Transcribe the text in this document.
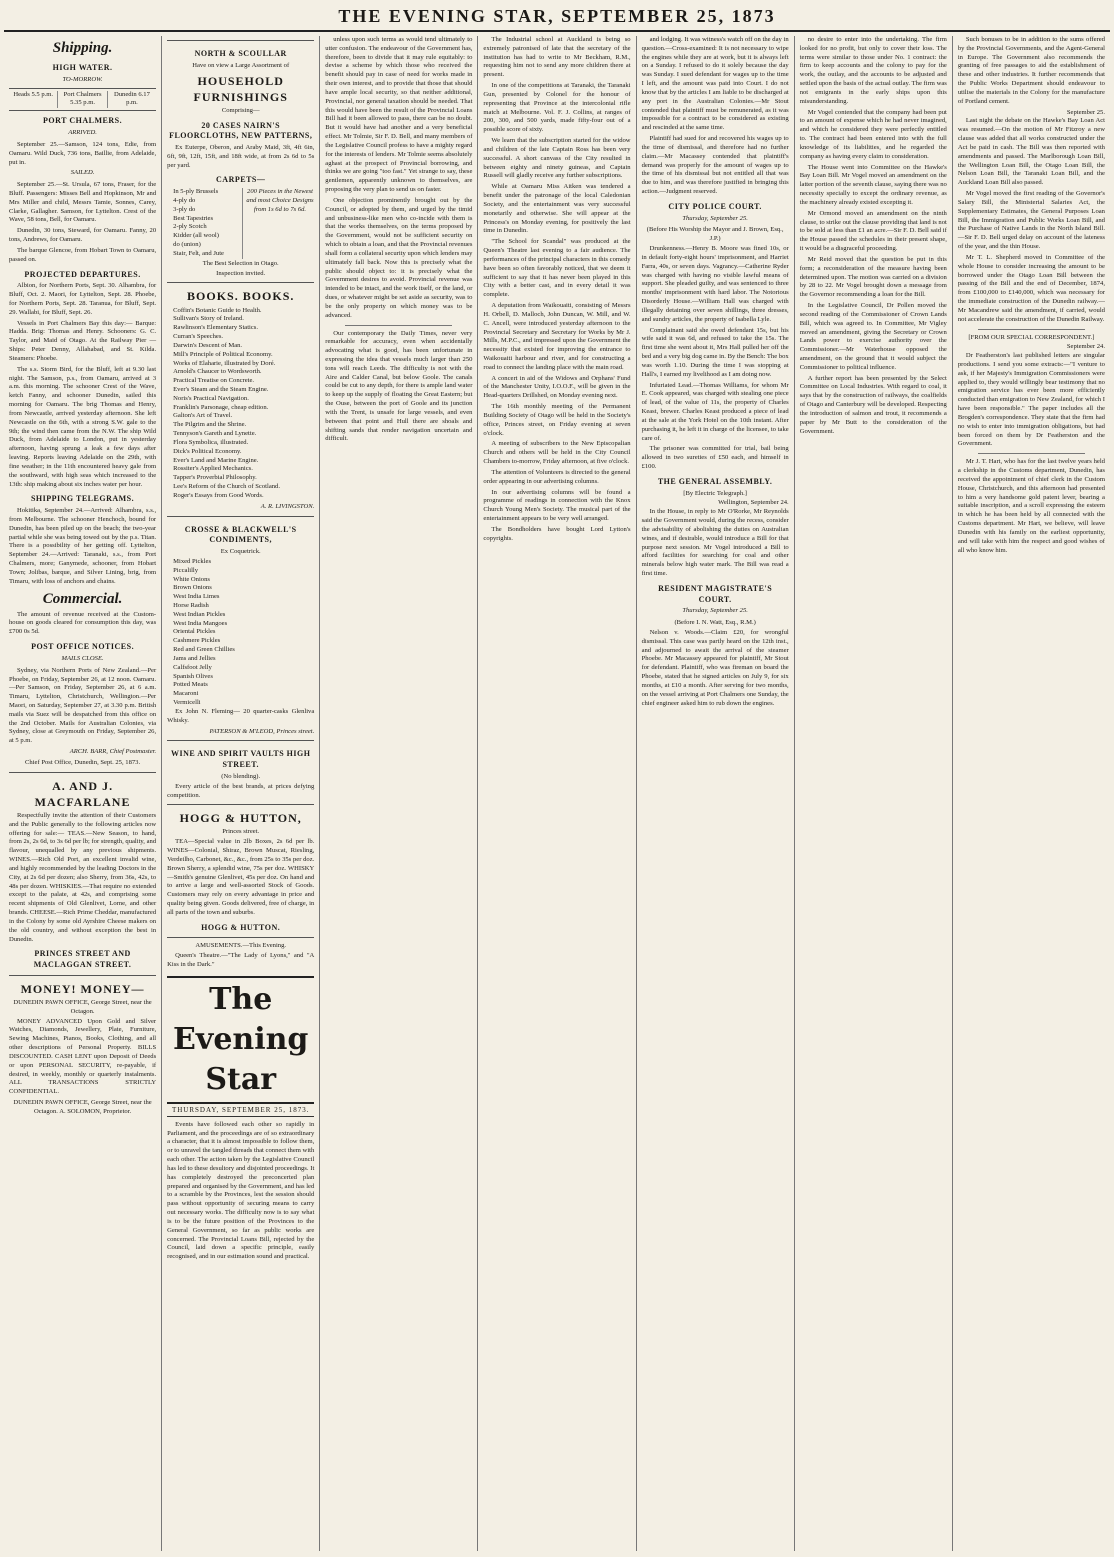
THE EVENING STAR, SEPTEMBER 25, 1873
Shipping.
HIGH WATER.
TO-MORROW.
Heads 5.5 p.m.	Port Chalmers 5.35 p.m.
Dunedin 6.17 p.m.
PORT CHALMERS.
ARRIVED.

September 25.—Samson, 124 tons, Edie, from Oamaru. Wild Duck, 736 tons, Baillie, from Adelaide, put in.

SAILED.

September 25.—St. Ursula, 67 tons, Fraser, for the Bluff. Passengers: Misses Bell and Hopkinson, Mr and Mrs Miller and child, Messrs Tamie, Sonnes, Carey, Clarke, Gallagher. Samson, for Lyttelton. Crest of the Wave, 58 tons, Bell, for Oamaru.

Dunedin, 30 tons, Steward, for Oamaru. Fanny, 20 tons, Andrews, for Oamaru.

The barque Glencoe, from Hobart Town to Oamaru, passed on.

PROJECTED DEPARTURES.

Albion, for Northern Ports, Sept. 30. Alhambra, for Bluff, Oct. 2. Maori, for Lyttelton, Sept. 28. Phoebe, for Northern Ports, Sept. 28. Taranua, for Bluff, Sept. 29. Wallabi, for Bluff, Sept. 26.

Vessels in Port Chalmers Bay this day:— Barque: Hadda. Brig: Thomas and Henry. Schooners: G. C. Taylor, and Maid of Otago. At the Railway Pier — Ships: Peter Denny, Allahabad, and St. Kilda. Steamers: Phoebe.

The s.s. Storm Bird, for the Bluff, left at 9.30 last night. The Samson, p.s., from Oamaru, arrived at 3 a.m. this morning. The schooner Crest of the Wave, ketch Fanny, and schooner Dunedin, sailed this morning for Oamaru. The brig Thomas and Henry, from Newcastle, arrived yesterday afternoon. She left Newcastle on the 6th, with a strong S.W. gale to the 9th; the wind then came from the N.W. The ship Wild Duck, from Adelaide to London, put in yesterday afternoon, having sprung a leak a few days after leaving. Reports leaving Adelaide on the 29th, with fine weather; in the 11th encountered heavy gale from the southward, with high seas which increased to the 13th: ship making about six inches water per hour.

SHIPPING TELEGRAMS.

Hokitika, September 24.—Arrived: Alhambra, s.s., from Melbourne. The schooner Henchoch, bound for Dunedin, has been piled up on the beach; the two-year partial while she was being towed out by the p.s. Titan. There is a possibility of her getting off. Lyttelton, September 24.—Arrived: Taranaki, s.s., from Port Chalmers, more; Ganymede, schooner, from Hobart Town; Jolibas, barque, and Silver Lining, brig, from Timaru, with loss of anchors and chains.

Commercial.

The amount of revenue received at the Custom-house on goods cleared for consumption this day, was £700 0s 5d.

POST OFFICE NOTICES.
MAILS CLOSE.

Sydney, via Northern Ports of New Zealand.—Per Phoebe, on Friday, September 26, at 12 noon. Oamaru.—Per Samson, on Friday, September 26, at 6 a.m. Timaru, Lyttelton, Christchurch, Wellington.—Per Maori, on Saturday, September 27, at 3.30 p.m. British mails via Suez will be despatched from this office on the 2nd October. Mails for Australian Colonies, via Sydney, close at Greymouth on Friday, September 26, at 5 p.m.

ARCH. BARR, Chief Postmaster.
Chief Post Office, Dunedin, Sept. 25, 1873.
A. AND J. MACFARLANE

Respectfully invite the attention of their Customers and the Public generally to the following articles now offering for sale:— TEAS.—New Season, to hand, from 2s, 2s 6d, to 3s 6d per lb; for strength, quality, and flavour, unequalled by any previous shipments. WINES.—Rich Old Port, an excellent invalid wine, and highly recommended by the leading Doctors in the City, at 2s 6d per dozen; also Sherry, from 36s, 42s, to 48s per dozen. WHISKIES.—That require no extended except to the palate, at 42s, and comprising some recent shipments of Old Glenlivet, Lorne, and other brands. CHEESE.—Rich Prime Cheddar, manufactured in the Colony by some old Ayrshire Cheese makers on the old country, and without exception the best in Dunedin.

PRINCES STREET AND MACLAGGAN STREET.
MONEY! MONEY—
DUNEDIN PAWN OFFICE, George Street, near the Octagon.

MONEY ADVANCED Upon Gold and Silver Watches, Diamonds, Jewellery, Plate, Furniture, Sewing Machines, Pianos, Books, Clothing, and all other descriptions of Personal Property. BILLS DISCOUNTED. CASH LENT upon Deposit of Deeds or upon PERSONAL SECURITY, re-payable, if desired, in weekly, monthly or quarterly instalments. ALL TRANSACTIONS STRICTLY CONFIDENTIAL.

DUNEDIN PAWN OFFICE, George Street, near the Octagon. A. SOLOMON, Proprietor.
NORTH & SCOULLAR
Have on view a Large Assortment of
HOUSEHOLD FURNISHINGS
Comprising—
20 CASES NAIRN'S FLOORCLOTHS, NEW PATTERNS,

Ex Euterpe, Oberon, and Araby Maid, 3ft, 4ft 6in, 6ft, 9ft, 12ft, 15ft, and 18ft wide, at from 2s 6d to 5s per yard.

CARPETS—
In 5-ply Brussels
4-ply do
3-ply do
Best Tapestries
2-ply Scotch
Kidder (all wool)
do (union)
Stair, Felt, and Jute
200 Pieces in the Newest and most Choice Designs from 1s 6d to 7s 6d.
The Best Selection in Otago.
Inspection invited.
BOOKS. BOOKS.
Coffin's Botanic Guide to Health.
Sullivan's Story of Ireland.
Rawlinson's Elementary Statics.
Curran's Speeches.
Darwin's Descent of Man.
Mill's Principle of Political Economy.
Works of Elaharie, illustrated by Doré.
Arnold's Chaucer to Wordsworth.
Practical Treatise on Concrete.
Ever's Steam and the Steam Engine.
Noris's Practical Navigation.
Franklin's Parsonage, cheap edition.
Galton's Art of Travel.
The Pilgrim and the Shrine.
Tennyson's Gareth and Lynette.
Flora Symbolica, illustrated.
Dick's Political Economy.
Ever's Land and Marine Engine.
Rossiter's Applied Mechanics.
Tapper's Proverbial Philosophy.
Lee's Reform of the Church of Scotland.
Roger's Essays from Good Words.
A. R. LIVINGSTON.
CROSSE & BLACKWELL'S CONDIMENTS,
Ex Coquetrick.
Mixed Pickles
Piccalilly
White Onions
Brown Onions
West India Limes
Horse Radish
West Indian Pickles
West India Mangoes
Oriental Pickles
Cashmere Pickles
Red and Green Chillies
Jams and Jellies
Calfsfoot Jelly
Spanish Olives
Potted Meats
Macaroni
Vermicelli

Ex John N. Fleming— 20 quarter-casks Glenliva Whisky.

PATERSON & M'LEOD, Princes street.
WINE AND SPIRIT VAULTS HIGH STREET.
(No blending).

Every article of the best brands, at prices defying competition.

HOGG & HUTTON,
Princes street.

TEA—Special value in 2lb Boxes, 2s 6d per lb. WINES—Colonial, Shiraz, Brown Muscat, Riesling, Verdeilho, Carbonet, &c., &c., from 25s to 35s per doz. Brown Sherry, a splendid wine, 75s per doz. WHISKY—Smith's genuine Glenlivet, 45s per doz. On hand and to arrive a large and well-assorted Stock of Goods. Customers may rely on every advantage in price and quality being given. Goods delivered, free of charge, in all parts of the town and suburbs.

HOGG & HUTTON.
AMUSEMENTS.—This Evening.

Queen's Theatre.—"The Lady of Lyons," and "A Kiss in the Dark."

The Evening Star
THURSDAY, SEPTEMBER 25, 1873.

Events have followed each other so rapidly in Parliament, and the proceedings are of so extraordinary a character, that it is almost impossible to follow them, or to unravel the tangled threads that connect them with each other. The action taken by the Legislative Council has led to these desultory and disjointed proceedings. It has completely destroyed the preconcerted plan prepared and organised by the Government, and has led to a scramble by the Provinces, lest the session should pass without opportunity of securing means to carry out necessary works. The difficulty now is to say what is to be the future position of the Provinces to the General Government, so far as public works are concerned. The Provincial Loans Bill, rejected by the Council, laid down a specific principle, easily recognised, and in our estimation sound and practical.

unless upon such terms as would tend ultimately to utter confusion. The endeavour of the Government has, therefore, been to divide that it may rule equitably: to devise a scheme by which those who received the benefit should pay in case of need for works made in their own interest, and to provide that those that should have ample local security, so that neither additional, Provincial, nor general taxation should be needed. That this would have been the result of the Provincial Loans Bill had it been allowed to pass, there can be no doubt. But it would have had another and a very beneficial effect. Mr Tolmie, Sir F. D. Bell, and many members of the Legislative Council profess to have a mighty regard for the interests of lenders. Mr Tolmie seems absolutely aghast at the prospect of Provincial borrowing, and thinks we are going "too fast." Yet strange to say, these gentlemen, apparently unknown to themselves, are proposing the very plan to send us on faster.

One objection prominently brought out by the Council, or adopted by them, and urged by the timid and unbusiness-like men who co-incide with them is that the works themselves, on the terms proposed by the Government, would not be sufficient security on which to obtain a loan, and that the Provincial revenues shall form a collateral security upon which lenders may ultimately fall back. Now this is precisely what the public should object to: it is precisely what the Government desires to avoid. Provincial revenue was intended to be intact, and the work itself, or the land, or dues, or whatever might be set aside as security, was to be the only property on which money was to be advanced.

Our contemporary the Daily Times, never very remarkable for accuracy, even when accidentally advocating what is good, has been unfortunate in expressing the idea that vessels much larger than 250 tons will reach Leeds. The difficulty is not with the Aire and Calder Canal, but below Goole. The canals could be cut to any depth, for there is ample land water to keep up the supply of floating the Great Eastern; but the Ouse, between the port of Goole and its junction with the Trent, is unsafe for large vessels, and even between that point and Hull there are shoals and shifting sands that render navigation uncertain and difficult.

The Industrial school at Auckland is being so extremely patronised of late that the secretary of the institution has had to write to Mr Beckham, R.M., requesting him not to send any more children there at present.

In one of the competitions at Taranaki, the Taranaki Gun, presented by Colonel for the honour of representing that Province at the intercolonial rifle match at Melbourne. Vol. F. J. Collins, at ranges of 200, 300, and 500 yards, made fifty-four out of a possible score of sixty.

We learn that the subscription started for the widow and children of the late Captain Ross has been very successful. A short canvass of the City resulted in between eighty and ninety guineas, and Captain Russell will gladly receive any further subscriptions.

While at Oamaru Miss Aitken was tendered a benefit under the patronage of the local Caledonian Society, and the entertainment was very successful monetarily and otherwise. She will appear at the Princess's on Monday evening, for positively the last time in Dunedin.

"The School for Scandal" was produced at the Queen's Theatre last evening to a fair audience. The performances of the principal characters in this comedy have been so often favorably noticed, that we deem it sufficient to say that it has never been played in this City with a better cast, and in every detail it was complete.

A deputation from Waikouaiti, consisting of Messrs H. Orbell, D. Malloch, John Duncan, W. Mill, and W. C. Ancell, were introduced yesterday afternoon to the Provincial Secretary and Secretary for Works by Mr J. Mills, M.P.C., and impressed upon the Government the necessity that existed for improving the entrance to Waikouaiti harbour and river, and for constructing a road to connect the landing place with the main road.

A concert in aid of the Widows and Orphans' Fund of the Manchester Unity, I.O.O.F., will be given in the Head-quarters Drillshed, on Monday evening next.

The 16th monthly meeting of the Permanent Building Society of Otago will be held in the Society's office, Princes street, on Friday evening at seven o'clock.

A meeting of subscribers to the New Episcopalian Church and others will be held in the City Council Chambers to-morrow, Friday afternoon, at five o'clock.

The attention of Volunteers is directed to the general order appearing in our advertising columns.

In our advertising columns will be found a programme of readings in connection with the Knox Church Young Men's Society. The musical part of the entertainment appears to be very well arranged.

The Bondholders have bought Lord Lytton's copyrights.

and lodging. It was witness's watch off on the day in question.—Cross-examined: It is not necessary to wipe the engines while they are at work, but it is always left on a Sunday. I refused to do it solely because the day was Sunday. I sued defendant for wages up to the time I left, and the amount was paid into Court. I do not know that by the articles I am liable to be discharged at any port in the Australian Colonies.—Mr Stout contended that plaintiff must be remunerated, as it was impossible for a contract to be considered as existing and rescinded at the same time.

Plaintiff had sued for and recovered his wages up to the time of dismissal, and therefore had no further claim.—Mr Macassey contended that plaintiff's demand was properly for the amount of wages up to the time of his dismissal but not entitled all that was due to him, and was therefore justified in bringing this action.—Judgment reserved.

CITY POLICE COURT.
Thursday, September 25.
(Before His Worship the Mayor and J. Brown, Esq., J.P.)

Drunkenness.—Henry B. Moore was fined 10s, or in default forty-eight hours' imprisonment, and Harriet Farra, 40s, or seven days. Vagrancy.—Catherine Ryder was charged with having no visible lawful means of support. She pleaded guilty, and was sentenced to three months' imprisonment with hard labor. The Notorious Disorderly House.—William Hall was charged with illegally detaining over seven shillings, three dresses, and sundry articles, the property of Isabella Lyle.

Complainant said she owed defendant 15s, but his wife said it was 6d, and refused to take the 15s. The first time she went about it, Mrs Hall pulled her off the bed and a very big dog came in. By the Bench: The box was worth 1.10. During the time I was stopping at Hall's, I earned my livelihood as I am doing now.

Infuriated Lead.—Thomas Williams, for whom Mr E. Cook appeared, was charged with stealing one piece of lead, of the value of 11s, the property of Charles Keast, brewer. Charles Keast produced a piece of lead at the sale at the York Hotel on the 10th instant. After purchasing it, he left it in charge of the licensee, to take care of.

The prisoner was committed for trial, bail being allowed in two sureties of £50 each, and himself in £100.

THE GENERAL ASSEMBLY.
[By Electric Telegraph.]
Wellington, September 24.

In the House, in reply to Mr O'Rorke, Mr Reynolds said the Government would, during the recess, consider the advisability of abolishing the duties on Australian wines, and if desirable, would introduce a Bill for that purpose next session. Mr Vogel introduced a Bill to afford facilities for searching for coal and other minerals below high water mark. The Bill was read a first time.

RESIDENT MAGISTRATE'S COURT.
Thursday, September 25.
(Before I. N. Watt, Esq., R.M.)

Nelson v. Woods.—Claim £20, for wrongful dismissal. This case was partly heard on the 12th inst., and adjourned to await the arrival of the steamer Phoebe. Mr Macassey appeared for plaintiff, Mr Stout for defendant. Plaintiff, who was fireman on board the Phoebe, stated that he signed articles on July 9, for six months, at £10 a month. After serving for two months, on the vessel arriving at Port Chalmers one Sunday, the chief engineer asked him to rub down the engines.

no desire to enter into the undertaking. The firm looked for no profit, but only to cover their loss. The terms were similar to those under No. 1 contract: the firm to keep accounts and the colony to pay for the work, the outlay, and the accounts to be adjusted and settled upon the basis of the actual outlay. The firm was not emigrants in the early ships upon this misunderstanding.

Mr Vogel contended that the company had been put to an amount of expense which he had never imagined, and which he considered they were perfectly entitled to. The contract had been entered into with the full knowledge of its liabilities, and he regarded the company as having every claim to consideration.

The House went into Committee on the Hawke's Bay Loan Bill. Mr Vogel moved an amendment on the latter portion of the seventh clause, saying there was no necessity specially to except the ordinary revenue, as the machinery already existed excepting it.

Mr Ormond moved an amendment on the ninth clause, to strike out the clause providing that land is not to be sold at less than £1 an acre.—Sir F. D. Bell said if the House passed the schedules in their present shape, it would be a disgraceful proceeding.

Mr Reid moved that the question be put in this form; a reconsideration of the measure having been determined upon. The motion was carried on a division by 28 to 22. Mr Vogel brought down a message from the Governor recommending a loan for the Bill.

In the Legislative Council, Dr Pollen moved the second reading of the Commissioner of Crown Lands Bill, which was agreed to. In Committee, Mr Vigley moved an amendment, giving the Secretary or Crown Lands power to exercise authority over the Commissioner.—Mr Waterhouse opposed the amendment, on the ground that it would subject the Commissioner to political influence.

A further report has been presented by the Select Committee on Local Industries. With regard to coal, it says that by the construction of railways, the coalfields of Otago and Canterbury will be developed. Respecting the introduction of salmon and trout, it recommends a paper by Mr Butt to the consideration of the Government.

Such bonuses to be in addition to the sums offered by the Provincial Governments, and the Agent-General in Europe. The Government also recommends the granting of free passages to aid the establishment of these and other industries. It further recommends that the Public Works Department should endeavour to utilise the materials in the Colony for the manufacture of Portland cement.

September 25.

Last night the debate on the Hawke's Bay Loan Act was resumed.—On the motion of Mr Fitzroy a new clause was added that all works constructed under the Act be paid in cash. The Bill was then reported with amendments and passed. The Marlborough Loan Bill, the Wellington Loan Bill, the Otago Loan Bill, the Nelson Loan Bill, the Taranaki Loan Bill, and the Auckland Loan Bill also passed.

Mr Vogel moved the first reading of the Governor's Salary Bill, the Ministerial Salaries Act, the Supplementary Estimates, the General Purposes Loan Bill, the Immigration and Public Works Loan Bill, and the Purchase of Native Lands in the North Island Bill.—Sir F. D. Bell urged delay on account of the lateness of the year, and the thin House.

Mr T. L. Shepherd moved in Committee of the whole House to consider increasing the amount to be borrowed under the Otago Loan Bill between the passing of the Bill and the end of December, 1874, from £100,000 to £140,000, which was necessary for the immediate construction of the Dunedin railway.—Mr Macandrew said the amendment, if carried, would not accelerate the construction of the Dunedin Railway.

[FROM OUR SPECIAL CORRESPONDENT.]
September 24.

Dr Featherston's last published letters are singular productions. I send you some extracts:—"I venture to ask, if her Majesty's Immigration Commissioners were applied to, they would willingly bear testimony that no emigration service has ever been more efficiently conducted than emigration to New Zealand, for which I have been responsible." The paper includes all the Brogden's correspondence. They state that the firm had no wish to enter into immigration obligations, but had been forced on them by Dr Featherston and the Government.

Mr J. T. Hart, who has for the last twelve years held a clerkship in the Customs department, Dunedin, has received the appointment of chief clerk in the Custom House, Christchurch, and this afternoon had presented to him a very handsome gold patent lever, bearing a suitable inscription, and a scroll expressing the esteem in which he has been held by all connected with the Customs department. Mr Hart, we believe, will leave Dunedin with his family on the earliest opportunity, and will take with him the respect and good wishes of all who know him.
